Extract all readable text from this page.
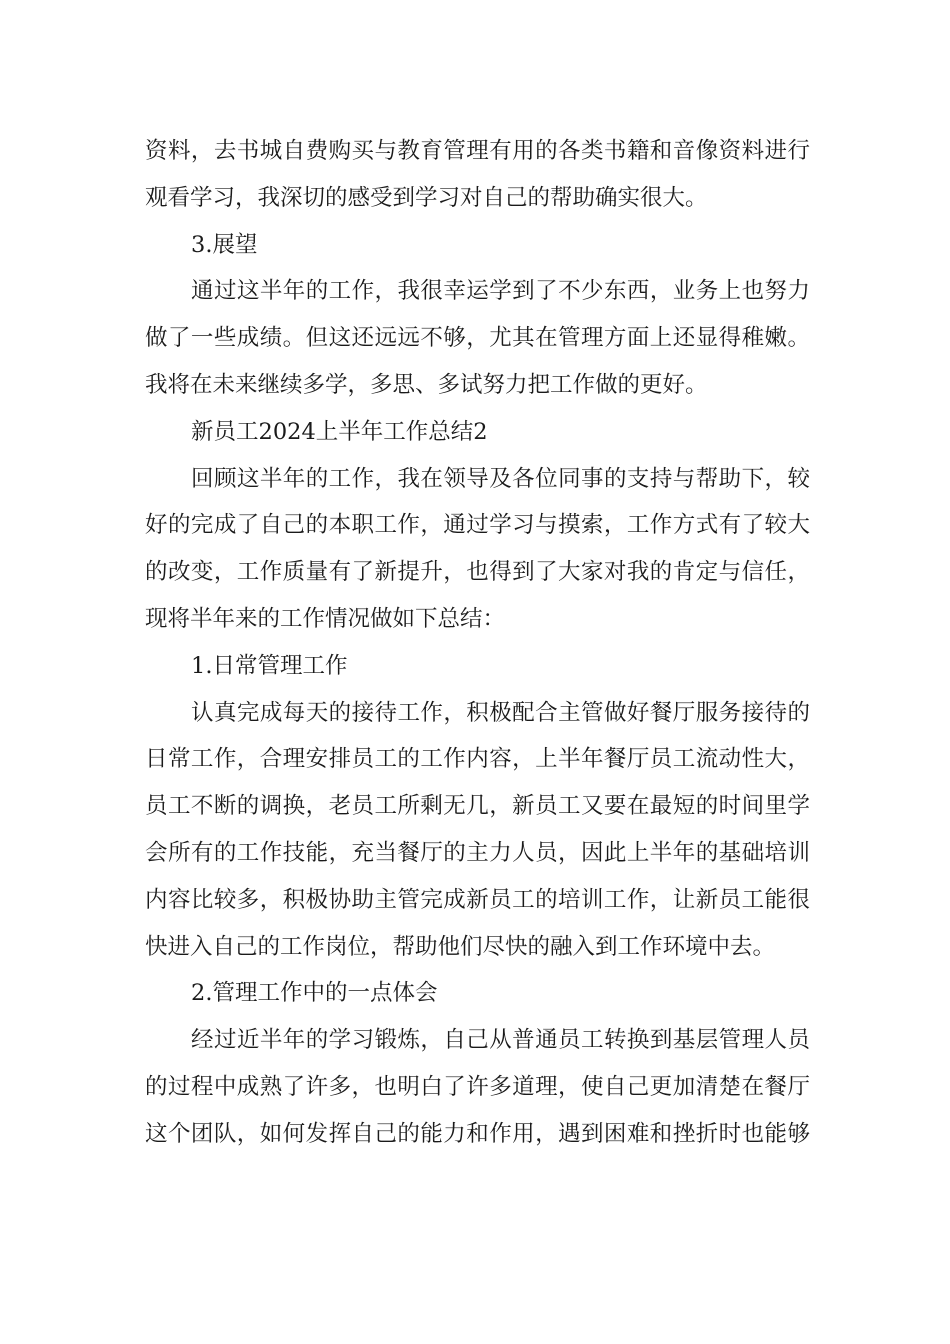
资料，去书城自费购买与教育管理有用的各类书籍和音像资料进行
观看学习，我深切的感受到学习对自己的帮助确实很大。
3.展望
通过这半年的工作，我很幸运学到了不少东西，业务上也努力
做了一些成绩。但这还远远不够，尤其在管理方面上还显得稚嫩。
我将在未来继续多学，多思、多试努力把工作做的更好。
新员工2024上半年工作总结2
回顾这半年的工作，我在领导及各位同事的支持与帮助下，较
好的完成了自己的本职工作，通过学习与摸索，工作方式有了较大
的改变，工作质量有了新提升，也得到了大家对我的肯定与信任，
现将半年来的工作情况做如下总结：
1.日常管理工作
认真完成每天的接待工作，积极配合主管做好餐厅服务接待的
日常工作，合理安排员工的工作内容，上半年餐厅员工流动性大，
员工不断的调换，老员工所剩无几，新员工又要在最短的时间里学
会所有的工作技能，充当餐厅的主力人员，因此上半年的基础培训
内容比较多，积极协助主管完成新员工的培训工作，让新员工能很
快进入自己的工作岗位，帮助他们尽快的融入到工作环境中去。
2.管理工作中的一点体会
经过近半年的学习锻炼，自己从普通员工转换到基层管理人员
的过程中成熟了许多，也明白了许多道理，使自己更加清楚在餐厅
这个团队，如何发挥自己的能力和作用，遇到困难和挫折时也能够
